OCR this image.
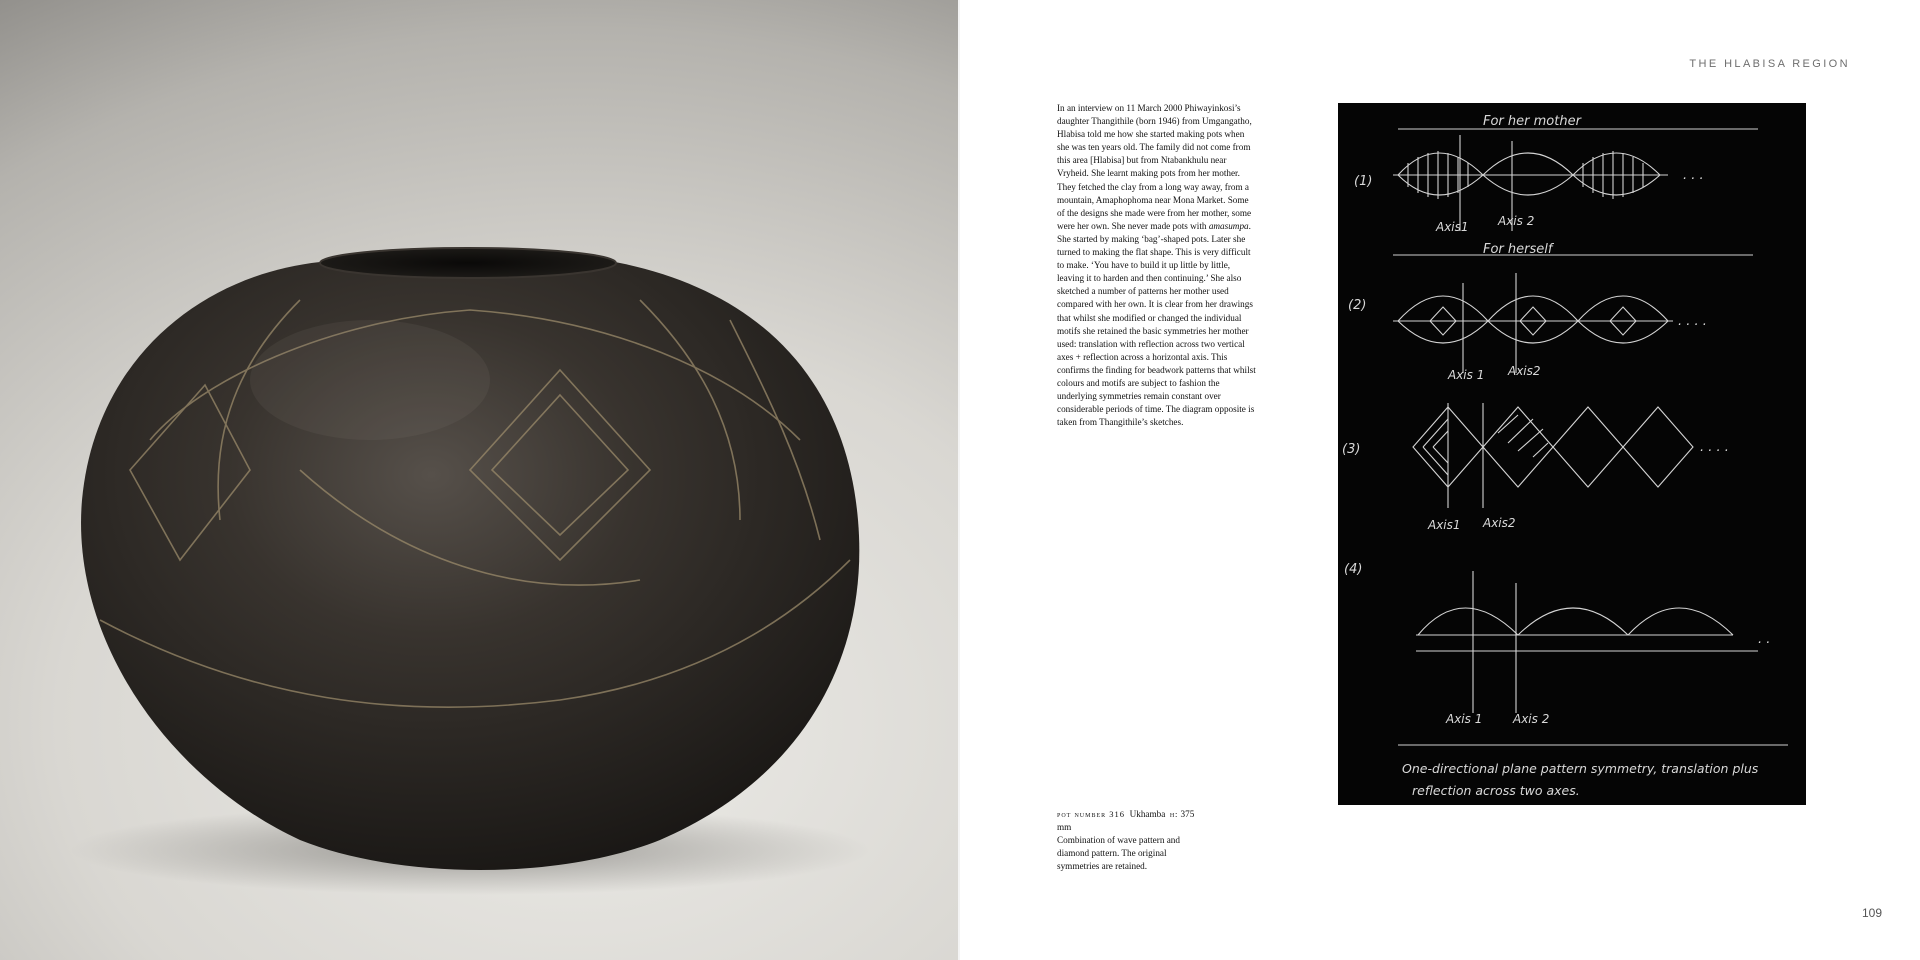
THE HLABISA REGION
In an interview on 11 March 2000 Phiwayinkosi’s daughter Thangithile (born 1946) from Umgangatho, Hlabisa told me how she started making pots when she was ten years old. The family did not come from this area [Hlabisa] but from Ntabankhulu near Vryheid. She learnt making pots from her mother. They fetched the clay from a long way away, from a mountain, Amaphophoma near Mona Market. Some of the designs she made were from her mother, some were her own. She never made pots with amasumpa. She started by making ‘bag’-shaped pots. Later she turned to making the flat shape. This is very difficult to make. ‘You have to build it up little by little, leaving it to harden and then continuing.’ She also sketched a number of patterns her mother used compared with her own. It is clear from her drawings that whilst she modified or changed the individual motifs she retained the basic symmetries her mother used: translation with reflection across two vertical axes + reflection across a horizontal axis. This confirms the finding for beadwork patterns that whilst colours and motifs are subject to fashion the underlying symmetries remain constant over considerable periods of time. The diagram opposite is taken from Thangithile’s sketches.
pot number 316 Ukhamba h: 375 mm
Combination of wave pattern and diamond pattern. The original symmetries are retained.
For her mother
(1)	. . .
Axis1 Axis 2
For herself
(2)
. . . .
Axis 1 Axis2
(3)	. . . .
Axis1 Axis2
(4)
. .
Axis 1	Axis 2
One-directional plane pattern symmetry, translation plus
reflection across two axes.
109
